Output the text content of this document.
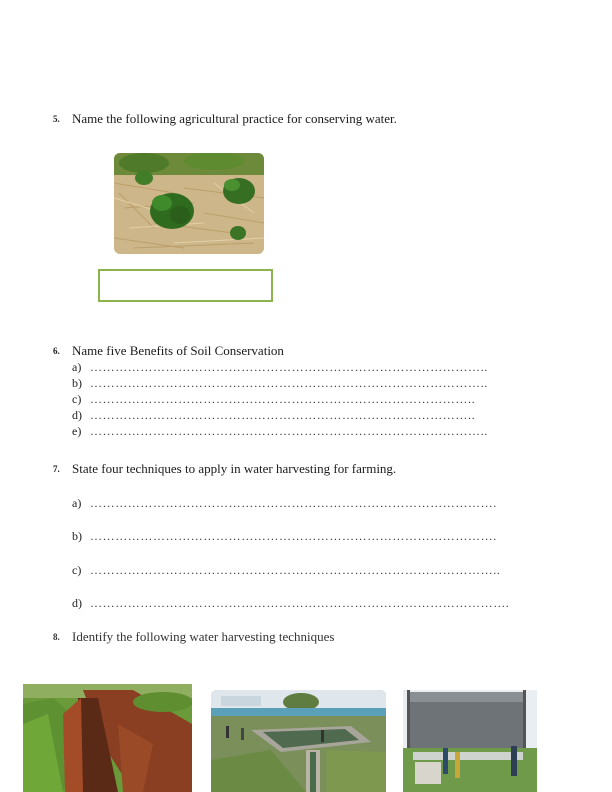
5. Name the following agricultural practice for conserving water.
6. Name five Benefits of Soil Conservation
a) …………………………………………………………………………………..
b) …………………………………………………………………………………..
c) ………………………………………………………………………………..
d) ………………………………………………………………………………..
e) …………………………………………………………………………………..
7. State four techniques to apply in water harvesting for farming.
a) …………………………………………………………………………………….
b) …………………………………………………………………………………….
c) ……………………………………………………………………………………..
d) ……………………………………………………………………………………….
8. Identify the following water harvesting techniques
